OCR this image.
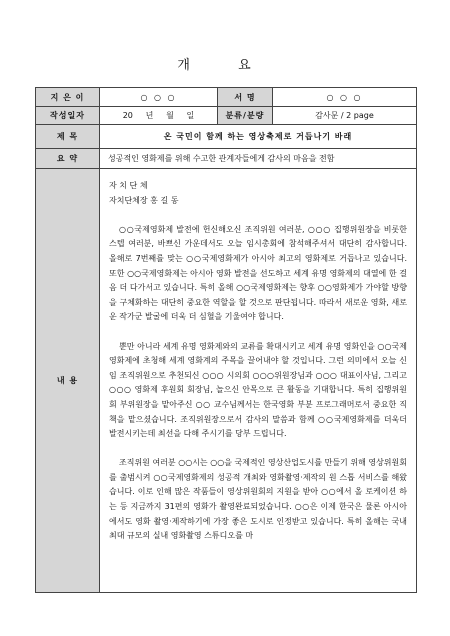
개 요
지 은 이	○ ○ ○	서 명	○ ○ ○
작성일자	20 년 월 일	분류/분량	감사문 / 2 page
제 목	온 국민이 함께 하는 영상축제로 거듭나기 바래		
요 약	성공적인 영화제를 위해 수고한 관계자들에게 감사의 마음을 전함		
내 용	자 치 단 체

자치단체장 홍 길 동

○○국제영화제 발전에 헌신해오신 조직위원 여러분, ○○○ 집행위원장을 비롯한 스텝 여러분, 바쁘신 가운데서도 오늘 임시총회에 참석해주셔서 대단히 감사합니다. 올해로 7번째를 맞는 ○○국제영화제가 아시아 최고의 영화제로 거듭나고 있습니다. 또한 ○○국제영화제는 아시아 영화 발전을 선도하고 세계 유명 영화제의 대열에 한 걸음 더 다가서고 있습니다. 특히 올해 ○○국제영화제는 향후 ○○영화제가 가야할 방향을 구체화하는 대단히 중요한 역할을 할 것으로 판단됩니다. 따라서 새로운 영화, 새로운 작가군 발굴에 더욱 더 심혈을 기울여야 합니다.

뿐만 아니라 세계 유명 영화제와의 교류를 확대시키고 세계 유명 영화인을 ○○국제영화제에 초청해 세계 영화계의 주목을 끌어내야 할 것입니다. 그런 의미에서 오늘 신임 조직위원으로 추천되신 ○○○ 시의회 ○○○위원장님과 ○○○ 대표이사님, 그리고 ○○○ 영화제 후원회 회장님, 놀으신 안목으로 큰 활동을 기대합니다. 특히 집행위원회 부위원장을 맡아주신 ○○ 교수님께서는 한국영화 부분 프로그래머로서 중요한 직책을 맡으셨습니다. 조직위원장으로서 감사의 말씀과 함께 ○○국제영화제를 더욱더 발전시키는데 최선을 다해 주시기를 당부 드립니다.

조직위원 여러분 ○○시는 ○○을 국제적인 영상산업도시를 만들기 위해 영상위원회를 출범시켜 ○○국제영화제의 성공적 개최와 영화촬영·제작의 원 스톱 서비스를 해왔습니다. 이로 인해 많은 작품들이 영상위원회의 지원을 받아 ○○에서 올 로케이션 하는 등 지금까지 31편의 영화가 촬영완료되었습니다. ○○은 이제 한국은 물론 아시아에서도 영화 촬영·제작하기에 가장 좋은 도시로 인정받고 있습니다. 특히 올해는 국내 최대 규모의 실내 영화촬영 스튜디오를 마		
